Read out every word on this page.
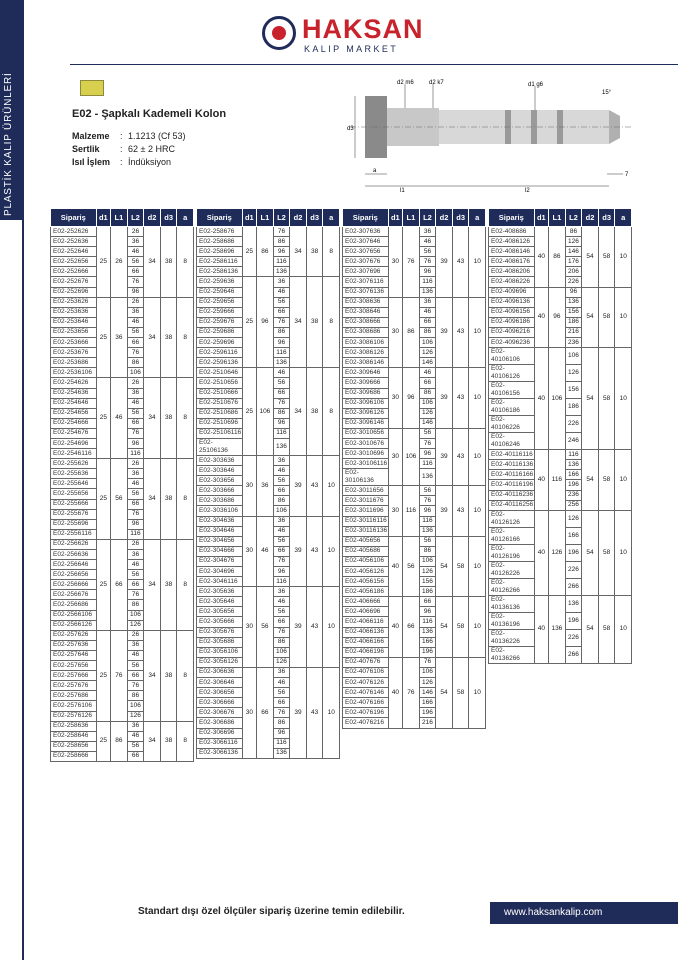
PLASTİK KALIP ÜRÜNLERİ
HAKSAN
KALIP MARKET
E02 - Şapkalı Kademeli Kolon
Malzeme : 1.1213 (Cf 53)
Sertlik : 62 ± 2 HRC
Isıl İşlem : İndüksiyon
d2 m6	d2 k7	d1 g6
15°
d3
a
l1	l2
7
Sipariş	d1	L1	L2	d2	d3	a
E02-252626	25	26	26	34	38	8
E02-252636			36			
E02-252646			46			
E02-252656			56			
E02-252666			66			
E02-252676			76			
E02-252696			96			
E02-253626	25	36	26	34	38	8
E02-253636			36			
E02-253646			46			
E02-253656			56			
E02-253666			66			
E02-253676			76			
E02-253686			86			
E02-2536106			106			
E02-254626	25	46	26	34	38	8
E02-254636			36			
E02-254646			46			
E02-254656			56			
E02-254666			66			
E02-254676			76			
E02-254696			96			
E02-2546116			116			
E02-255626	25	56	26	34	38	8
E02-255636			36			
E02-255646			46			
E02-255656			56			
E02-255666			66			
E02-255676			76			
E02-255696			96			
E02-2556116			116			
E02-256626	25	66	26	34	38	8
E02-256636			36			
E02-256646			46			
E02-256656			56			
E02-256666			66			
E02-256676			76			
E02-256686			86			
E02-2566106			106			
E02-2566126			126			
E02-257626	25	76	26	34	38	8
E02-257636			36			
E02-257646			46			
E02-257656			56			
E02-257666			66			
E02-257676			76			
E02-257686			86			
E02-2576106			106			
E02-2576126			126			
E02-258636	25	86	36	34	38	8
E02-258646			46			
E02-258656			56			
E02-258666			66			
Sipariş	d1	L1	L2	d2	d3	a
E02-258676	25	86	76	34	38	8
E02-258686			86			
E02-258696			96			
E02-2586116			116			
E02-2586136			136			
E02-259636	25	96	36	34	38	8
E02-259646			46			
E02-259656			56			
E02-259666			66			
E02-259676			76			
E02-259686			86			
E02-259696			96			
E02-2596116			116			
E02-2596136			136			
E02-2510646	25	106	46	34	38	8
E02-2510656			56			
E02-2510666			66			
E02-2510676			76			
E02-2510686			86			
E02-2510696			96			
E02-25106116			116			
E02-25106136			136			
E02-303636	30	36	36	39	43	10
E02-303646			46			
E02-303656			56			
E02-303666			66			
E02-303686			86			
E02-3036106			106			
E02-304636	30	46	36	39	43	10
E02-304646			46			
E02-304656			56			
E02-304666			66			
E02-304676			76			
E02-304696			96			
E02-3046116			116			
E02-305636	30	56	36	39	43	10
E02-305646			46			
E02-305656			56			
E02-305666			66			
E02-305676			76			
E02-305686			86			
E02-3056106			106			
E02-3056126			126			
E02-306636	30	66	36	39	43	10
E02-306646			46			
E02-306656			56			
E02-306666			66			
E02-306676			76			
E02-306686			86			
E02-306696			96			
E02-3066116			116			
E02-3066136			136			
Sipariş	d1	L1	L2	d2	d3	a
E02-307636	30	76	36	39	43	10
E02-307646			46			
E02-307656			56			
E02-307676			76			
E02-307696			96			
E02-3076116			116			
E02-3076136			136			
E02-308636	30	86	36	39	43	10
E02-308646			46			
E02-308666			66			
E02-308686			86			
E02-3086106			106			
E02-3086126			126			
E02-3086146			146			
E02-309646	30	96	46	39	43	10
E02-309666			66			
E02-309686			86			
E02-3096106			106			
E02-3096126			126			
E02-3096146			146			
E02-3010656	30	106	56	39	43	10
E02-3010676			76			
E02-3010696			96			
E02-30106116			116			
E02-30106136			136			
E02-3011656	30	116	56	39	43	10
E02-3011676			76			
E02-3011696			96			
E02-30116116			116			
E02-30116136			136			
E02-405656	40	56	56	54	58	10
E02-405686			86			
E02-4056106			106			
E02-4056126			126			
E02-4056156			156			
E02-4056186			186			
E02-406666	40	66	66	54	58	10
E02-406696			96			
E02-4066116			116			
E02-4066136			136			
E02-4066166			166			
E02-4066196			196			
E02-407676	40	76	76	54	58	10
E02-4076106			106			
E02-4076126			126			
E02-4076146			146			
E02-4076166			166			
E02-4076196			196			
E02-4076216			216			
Sipariş	d1	L1	L2	d2	d3	a
E02-408686	40	86	86	54	58	10
E02-4086126			126			
E02-4086146			146			
E02-4086176			176			
E02-4086206			206			
E02-4086226			226			
E02-409696	40	96	96	54	58	10
E02-4096136			136			
E02-4096156			156			
E02-4096186			186			
E02-4096216			216			
E02-4096236			236			
E02-40106106	40	106	106	54	58	10
E02-40106126			126			
E02-40106156			156			
E02-40106186			186			
E02-40106226			226			
E02-40106246			246			
E02-40116116	40	116	116	54	58	10
E02-40116136			136			
E02-40116166			166			
E02-40116196			196			
E02-40116236			236			
E02-40116256			256			
E02-40126126	40	126	126	54	58	10
E02-40126166			166			
E02-40126196			196			
E02-40126226			226			
E02-40126266			266			
E02-40136136	40	136	136	54	58	10
E02-40136196			196			
E02-40136226			226			
E02-40136266			266			
Standart dışı özel ölçüler sipariş üzerine temin edilebilir.	www.haksankalip.com
